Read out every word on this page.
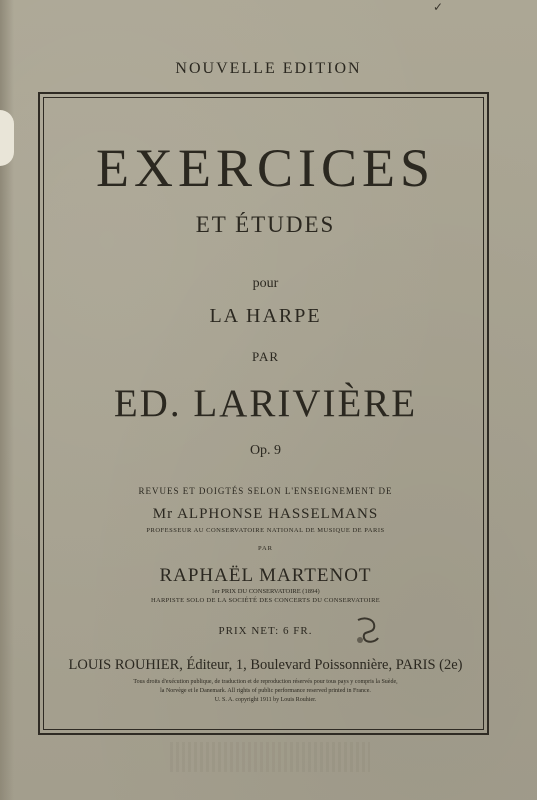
✓
NOUVELLE EDITION
EXERCICES
ET ÉTUDES
pour
LA HARPE
PAR
ED. LARIVIÈRE
Op. 9
REVUES ET DOIGTÉS SELON L'ENSEIGNEMENT DE
Mr ALPHONSE HASSELMANS
PROFESSEUR AU CONSERVATOIRE NATIONAL DE MUSIQUE DE PARIS
PAR
RAPHAËL MARTENOT
1er PRIX DU CONSERVATOIRE (1894)
HARPISTE SOLO DE LA SOCIÉTÉ DES CONCERTS DU CONSERVATOIRE
PRIX NET: 6 FR.
LOUIS ROUHIER, Éditeur, 1, Boulevard Poissonnière, PARIS (2e)
Tous droits d'exécution publique, de traduction et de reproduction réservés pour tous pays y compris la Suède,
la Norvège et le Danemark. All rights of public performance reserved printed in France.
U. S. A. copyright 1911 by Louis Rouhier.
